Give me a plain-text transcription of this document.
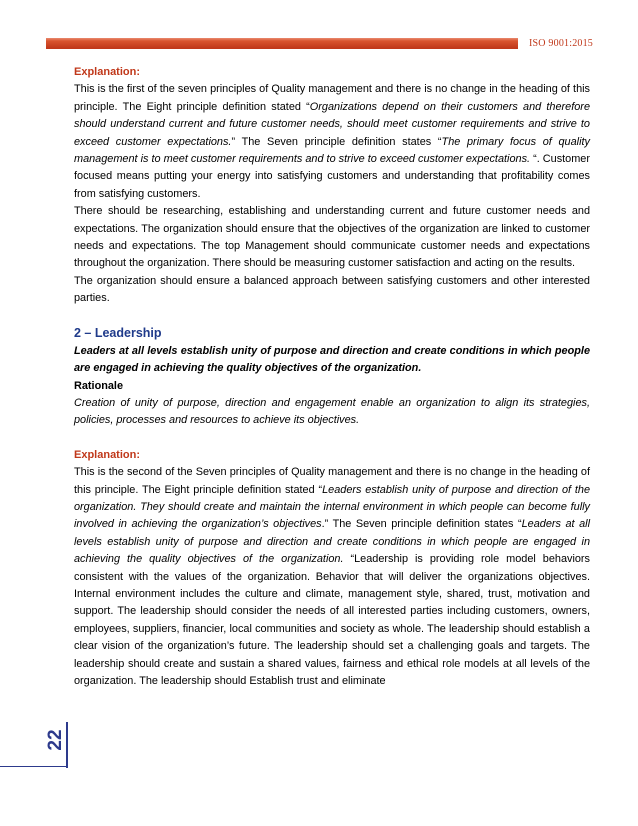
ISO 9001:2015

Explanation:

This is the first of the seven principles of Quality management and there is no change in the heading of this principle. The Eight principle definition stated “Organizations depend on their customers and therefore should understand current and future customer needs, should meet customer requirements and strive to exceed customer expectations.” The Seven principle definition states “The primary focus of quality management is to meet customer requirements and to strive to exceed customer expectations. “. Customer focused means putting your energy into satisfying customers and understanding that profitability comes from satisfying customers.

There should be researching, establishing and understanding current and future customer needs and expectations. The organization should ensure that the objectives of the organization are linked to customer needs and expectations. The top Management should communicate customer needs and expectations throughout the organization. There should be measuring customer satisfaction and acting on the results.

The organization should ensure a balanced approach between satisfying customers and other interested parties.

2 – Leadership

Leaders at all levels establish unity of purpose and direction and create conditions in which people are engaged in achieving the quality objectives of the organization.

Rationale

Creation of unity of purpose, direction and engagement enable an organization to align its strategies, policies, processes and resources to achieve its objectives.

Explanation:

This is the second of the Seven principles of Quality management and there is no change in the heading of this principle. The Eight principle definition stated “Leaders establish unity of purpose and direction of the organization. They should create and maintain the internal environment in which people can become fully involved in achieving the organization’s objectives.” The Seven principle definition states “Leaders at all levels establish unity of purpose and direction and create conditions in which people are engaged in achieving the quality objectives of the organization. “Leadership is providing role model behaviors consistent with the values of the organization. Behavior that will deliver the organizations objectives. Internal environment includes the culture and climate, management style, shared, trust, motivation and support. The leadership should consider the needs of all interested parties including customers, owners, employees, suppliers, financier, local communities and society as whole. The leadership should establish a clear vision of the organization’s future. The leadership should set a challenging goals and targets. The leadership should create and sustain a shared values, fairness and ethical role models at all levels of the organization. The leadership should Establish trust and eliminate

22
